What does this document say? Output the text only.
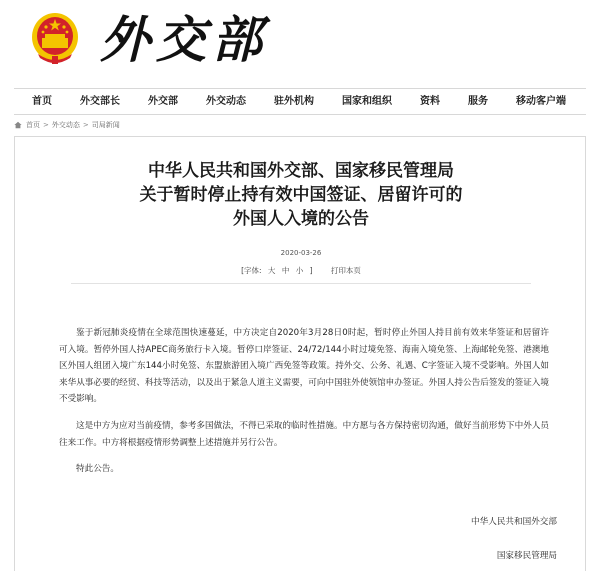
外交部
首页	外交部长	外交部	外交动态	驻外机构	国家和组织	资料	服务	移动客户端
首页 > 外交动态 > 司局新闻
中华人民共和国外交部、国家移民管理局
关于暂时停止持有效中国签证、居留许可的
外国人入境的公告
2020-03-26
[字体: 大 中 小 ] 打印本页

鉴于新冠肺炎疫情在全球范围快速蔓延，中方决定自2020年3月28日0时起，暂时停止外国人持目前有效来华签证和居留许可入境。暂停外国人持APEC商务旅行卡入境。暂停口岸签证、24/72/144小时过境免签、海南入境免签、上海邮轮免签、港澳地区外国人组团入境广东144小时免签、东盟旅游团入境广西免签等政策。持外交、公务、礼遇、C字签证入境不受影响。外国人如来华从事必要的经贸、科技等活动，以及出于紧急人道主义需要，可向中国驻外使领馆申办签证。外国人持公告后签发的签证入境不受影响。

这是中方为应对当前疫情，参考多国做法，不得已采取的临时性措施。中方愿与各方保持密切沟通，做好当前形势下中外人员往来工作。中方将根据疫情形势调整上述措施并另行公告。

特此公告。

中华人民共和国外交部
国家移民管理局
